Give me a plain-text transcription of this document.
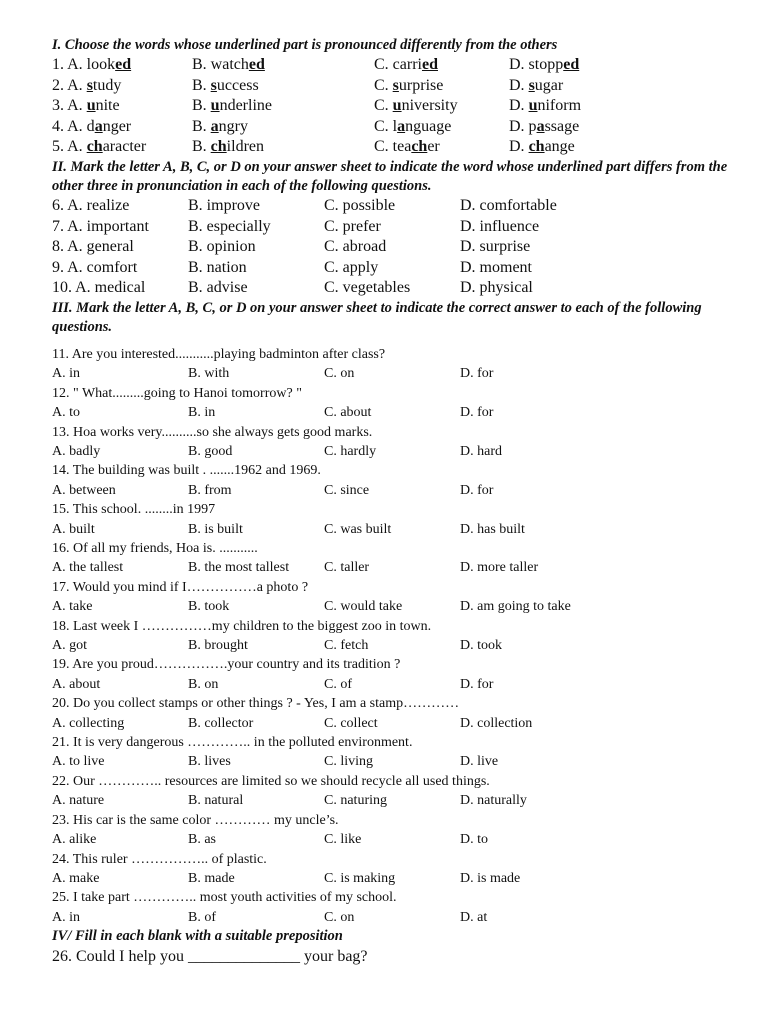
I. Choose the words whose underlined part is pronounced differently from the others
1. A. looked	B. watched	C. carried	D. stopped
2. A. study	B. success	C. surprise	D. sugar
3. A. unite	B. underline	C. university	D. uniform
4. A. danger	B. angry	C. language	D. passage
5. A. character	B. children	C. teacher	D. change
II. Mark the letter A, B, C, or D on your answer sheet to indicate the word whose underlined part differs from the other three in pronunciation in each of the following questions.
6. A. realize	B. improve	C. possible	D. comfortable
7. A. important	B. especially	C. prefer	D. influence
8. A. general	B. opinion	C. abroad	D. surprise
9. A. comfort	B. nation	C. apply	D. moment
10. A. medical	B. advise	C. vegetables	D. physical
III. Mark the letter A, B, C, or D on your answer sheet to indicate the correct answer to each of the following questions.
11. Are you interested...........playing badminton after class?
A. in	B. with	C. on	D. for
12. " What.........going to Hanoi tomorrow? "
A. to	B. in	C. about	D. for
13. Hoa works very..........so she always gets good marks.
A. badly	B. good	C. hardly	D. hard
14. The building was built . .......1962 and 1969.
A. between	B. from	C. since	D. for
15. This school. ........in 1997
A. built	B. is built	C. was built	D. has built
16. Of all my friends, Hoa is. ...........
A. the tallest	B. the most tallest	C. taller	D. more taller
17. Would you mind if I……………a photo ?
A. take	B. took	C. would take	D. am going to take
18. Last week I ……………my children to the biggest zoo in town.
A. got	B. brought	C. fetch	D. took
19. Are you proud…………….your country and its tradition ?
A. about	B. on	C. of	D. for
20. Do you collect stamps or other things ? - Yes, I am a stamp…………
A. collecting	B. collector	C. collect	D. collection
21. It is very dangerous ………….. in the polluted environment.
A. to live	B. lives	C. living	D. live
22. Our ………….. resources are limited so we should recycle all used things.
A. nature	B. natural	C. naturing	D. naturally
23. His car is the same color ………… my uncle’s.
A. alike	B. as	C. like	D. to
24. This ruler …………….. of plastic.
A. make	B. made	C. is making	D. is made
25. I take part ………….. most youth activities of my school.
A. in	B. of	C. on	D. at
IV/ Fill in each blank with a suitable preposition
26. Could I help you ______________ your bag?
